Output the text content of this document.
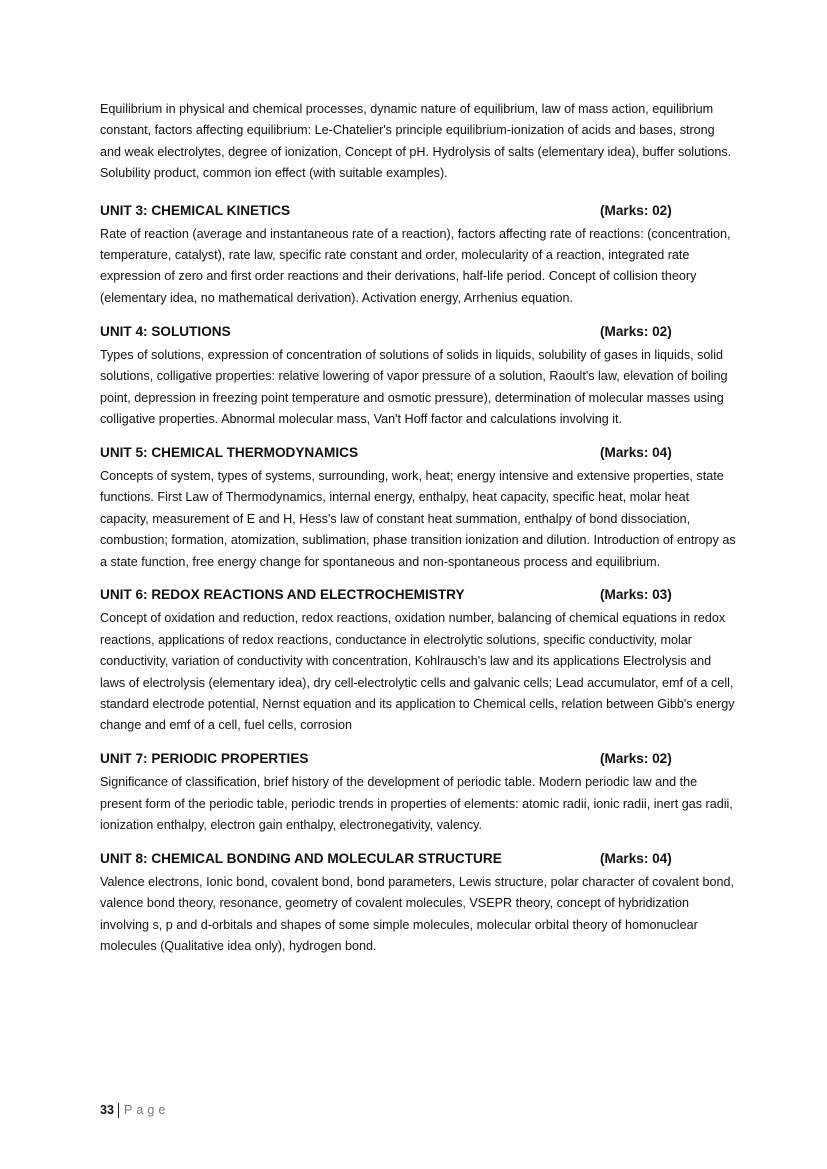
Equilibrium in physical and chemical processes, dynamic nature of equilibrium, law of mass action, equilibrium constant, factors affecting equilibrium: Le-Chatelier's principle equilibrium-ionization of acids and bases, strong and weak electrolytes, degree of ionization, Concept of pH. Hydrolysis of salts (elementary idea), buffer solutions. Solubility product, common ion effect (with suitable examples).

UNIT 3: CHEMICAL KINETICS	(Marks: 02)

Rate of reaction (average and instantaneous rate of a reaction), factors affecting rate of reactions: (concentration, temperature, catalyst), rate law, specific rate constant and order, molecularity of a reaction, integrated rate expression of zero and first order reactions and their derivations, half-life period. Concept of collision theory (elementary idea, no mathematical derivation). Activation energy, Arrhenius equation.

UNIT 4: SOLUTIONS	(Marks: 02)

Types of solutions, expression of concentration of solutions of solids in liquids, solubility of gases in liquids, solid solutions, colligative properties: relative lowering of vapor pressure of a solution, Raoult's law, elevation of boiling point, depression in freezing point temperature and osmotic pressure), determination of molecular masses using colligative properties. Abnormal molecular mass, Van't Hoff factor and calculations involving it.

UNIT 5: CHEMICAL THERMODYNAMICS	(Marks: 04)

Concepts of system, types of systems, surrounding, work, heat; energy intensive and extensive properties, state functions. First Law of Thermodynamics, internal energy, enthalpy, heat capacity, specific heat, molar heat capacity, measurement of E and H, Hess's law of constant heat summation, enthalpy of bond dissociation, combustion; formation, atomization, sublimation, phase transition ionization and dilution. Introduction of entropy as a state function, free energy change for spontaneous and non-spontaneous process and equilibrium.

UNIT 6: REDOX REACTIONS AND ELECTROCHEMISTRY	(Marks: 03)

Concept of oxidation and reduction, redox reactions, oxidation number, balancing of chemical equations in redox reactions, applications of redox reactions, conductance in electrolytic solutions, specific conductivity, molar conductivity, variation of conductivity with concentration, Kohlrausch's law and its applications Electrolysis and laws of electrolysis (elementary idea), dry cell-electrolytic cells and galvanic cells; Lead accumulator, emf of a cell, standard electrode potential, Nernst equation and its application to Chemical cells, relation between Gibb's energy change and emf of a cell, fuel cells, corrosion

UNIT 7: PERIODIC PROPERTIES	(Marks: 02)

Significance of classification, brief history of the development of periodic table. Modern periodic law and the present form of the periodic table, periodic trends in properties of elements: atomic radii, ionic radii, inert gas radii, ionization enthalpy, electron gain enthalpy, electronegativity, valency.

UNIT 8: CHEMICAL BONDING AND MOLECULAR STRUCTURE	(Marks: 04)

Valence electrons, Ionic bond, covalent bond, bond parameters, Lewis structure, polar character of covalent bond, valence bond theory, resonance, geometry of covalent molecules, VSEPR theory, concept of hybridization involving s, p and d-orbitals and shapes of some simple molecules, molecular orbital theory of homonuclear molecules (Qualitative idea only), hydrogen bond.

33 Page
